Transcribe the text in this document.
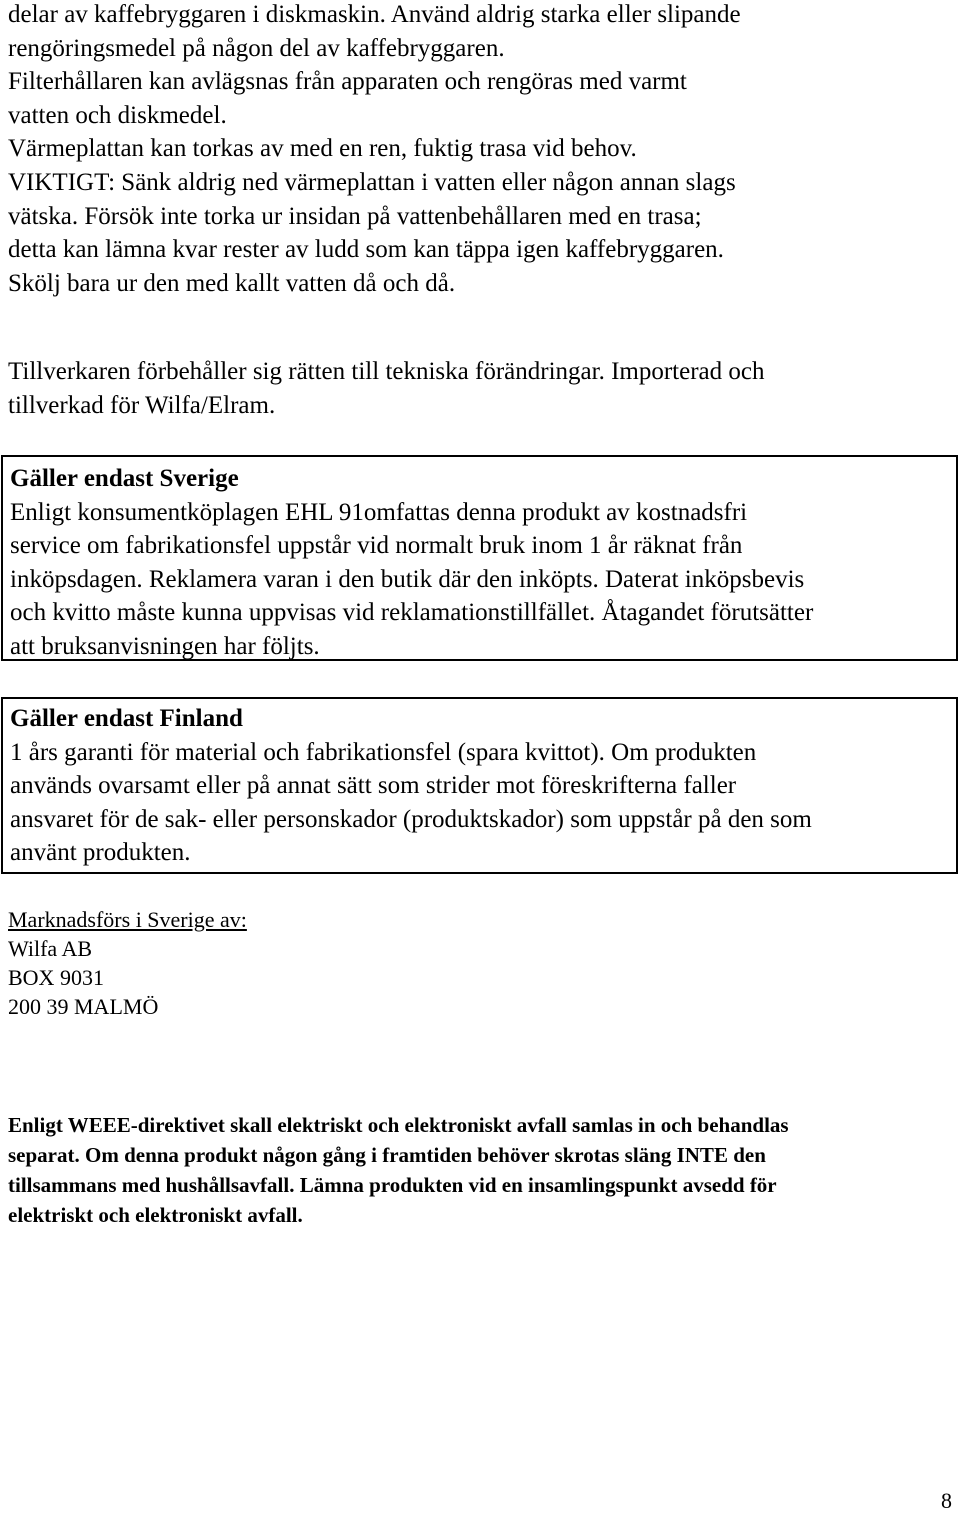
delar av kaffebryggaren i diskmaskin. Använd aldrig starka eller slipande
rengöringsmedel på någon del av kaffebryggaren.
Filterhållaren kan avlägsnas från apparaten och rengöras med varmt
vatten och diskmedel.
Värmeplattan kan torkas av med en ren, fuktig trasa vid behov.
VIKTIGT: Sänk aldrig ned värmeplattan i vatten eller någon annan slags
vätska. Försök inte torka ur insidan på vattenbehållaren med en trasa;
detta kan lämna kvar rester av ludd som kan täppa igen kaffebryggaren.
Skölj bara ur den med kallt vatten då och då.
Tillverkaren förbehåller sig rätten till tekniska förändringar. Importerad och
tillverkad för Wilfa/Elram.
Gäller endast Sverige
Enligt konsumentköplagen EHL 91omfattas denna produkt av kostnadsfri
service om fabrikationsfel uppstår vid normalt bruk inom 1 år räknat från
inköpsdagen. Reklamera varan i den butik där den inköpts. Daterat inköpsbevis
och kvitto måste kunna uppvisas vid reklamationstillfället. Åtagandet förutsätter
att bruksanvisningen har följts.
Gäller endast Finland
1 års garanti för material och fabrikationsfel (spara kvittot). Om produkten
används ovarsamt eller på annat sätt som strider mot föreskrifterna faller
ansvaret för de sak- eller personskador (produktskador) som uppstår på den som
använt produkten.
Marknadsförs i Sverige av:
Wilfa AB
BOX 9031
200 39 MALMÖ
Enligt WEEE-direktivet skall elektriskt och elektroniskt avfall samlas in och behandlas
separat. Om denna produkt någon gång i framtiden behöver skrotas släng INTE den
tillsammans med hushållsavfall. Lämna produkten vid en insamlingspunkt avsedd för
elektriskt och elektroniskt avfall.
8
